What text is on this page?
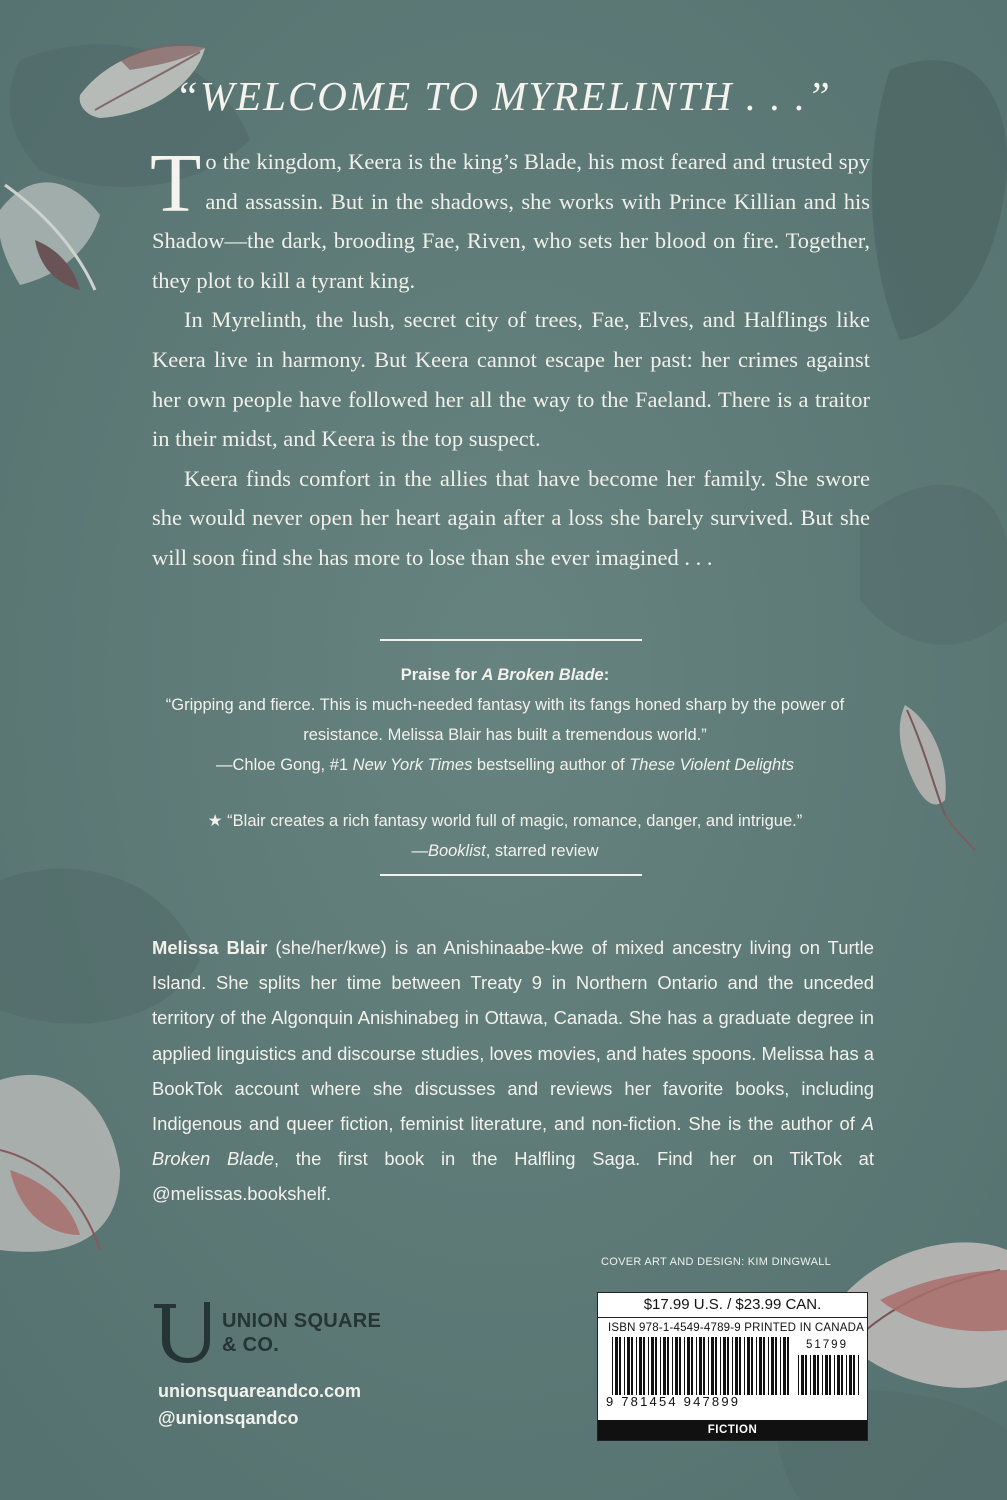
“WELCOME TO MYRELINTH . . .”

To the kingdom, Keera is the king’s Blade, his most feared and trusted spy and assassin. But in the shadows, she works with Prince Killian and his Shadow—the dark, brooding Fae, Riven, who sets her blood on fire. Together, they plot to kill a tyrant king.

In Myrelinth, the lush, secret city of trees, Fae, Elves, and Halflings like Keera live in harmony. But Keera cannot escape her past: her crimes against her own people have followed her all the way to the Faeland. There is a traitor in their midst, and Keera is the top suspect.

Keera finds comfort in the allies that have become her family. She swore she would never open her heart again after a loss she barely survived. But she will soon find she has more to lose than she ever imagined . . .

Praise for A Broken Blade:
“Gripping and fierce. This is much-needed fantasy with its fangs honed sharp by the power of resistance. Melissa Blair has built a tremendous world.”
—Chloe Gong, #1 New York Times bestselling author of These Violent Delights
★ “Blair creates a rich fantasy world full of magic, romance, danger, and intrigue.”
—Booklist, starred review
Melissa Blair (she/her/kwe) is an Anishinaabe-kwe of mixed ancestry living on Turtle Island. She splits her time between Treaty 9 in Northern Ontario and the unceded territory of the Algonquin Anishinabeg in Ottawa, Canada. She has a graduate degree in applied linguistics and discourse studies, loves movies, and hates spoons. Melissa has a BookTok account where she discusses and reviews her favorite books, including Indigenous and queer fiction, feminist literature, and non-fiction. She is the author of A Broken Blade, the first book in the Halfling Saga. Find her on TikTok at @melissas.bookshelf.
COVER ART AND DESIGN: KIM DINGWALL
$17.99 U.S. / $23.99 CAN.
ISBN 978-1-4549-4789-9 PRINTED IN CANADA
51799
9 781454 947899
FICTION
UNION SQUARE
& CO.
unionsquareandco.com
@unionsqandco
